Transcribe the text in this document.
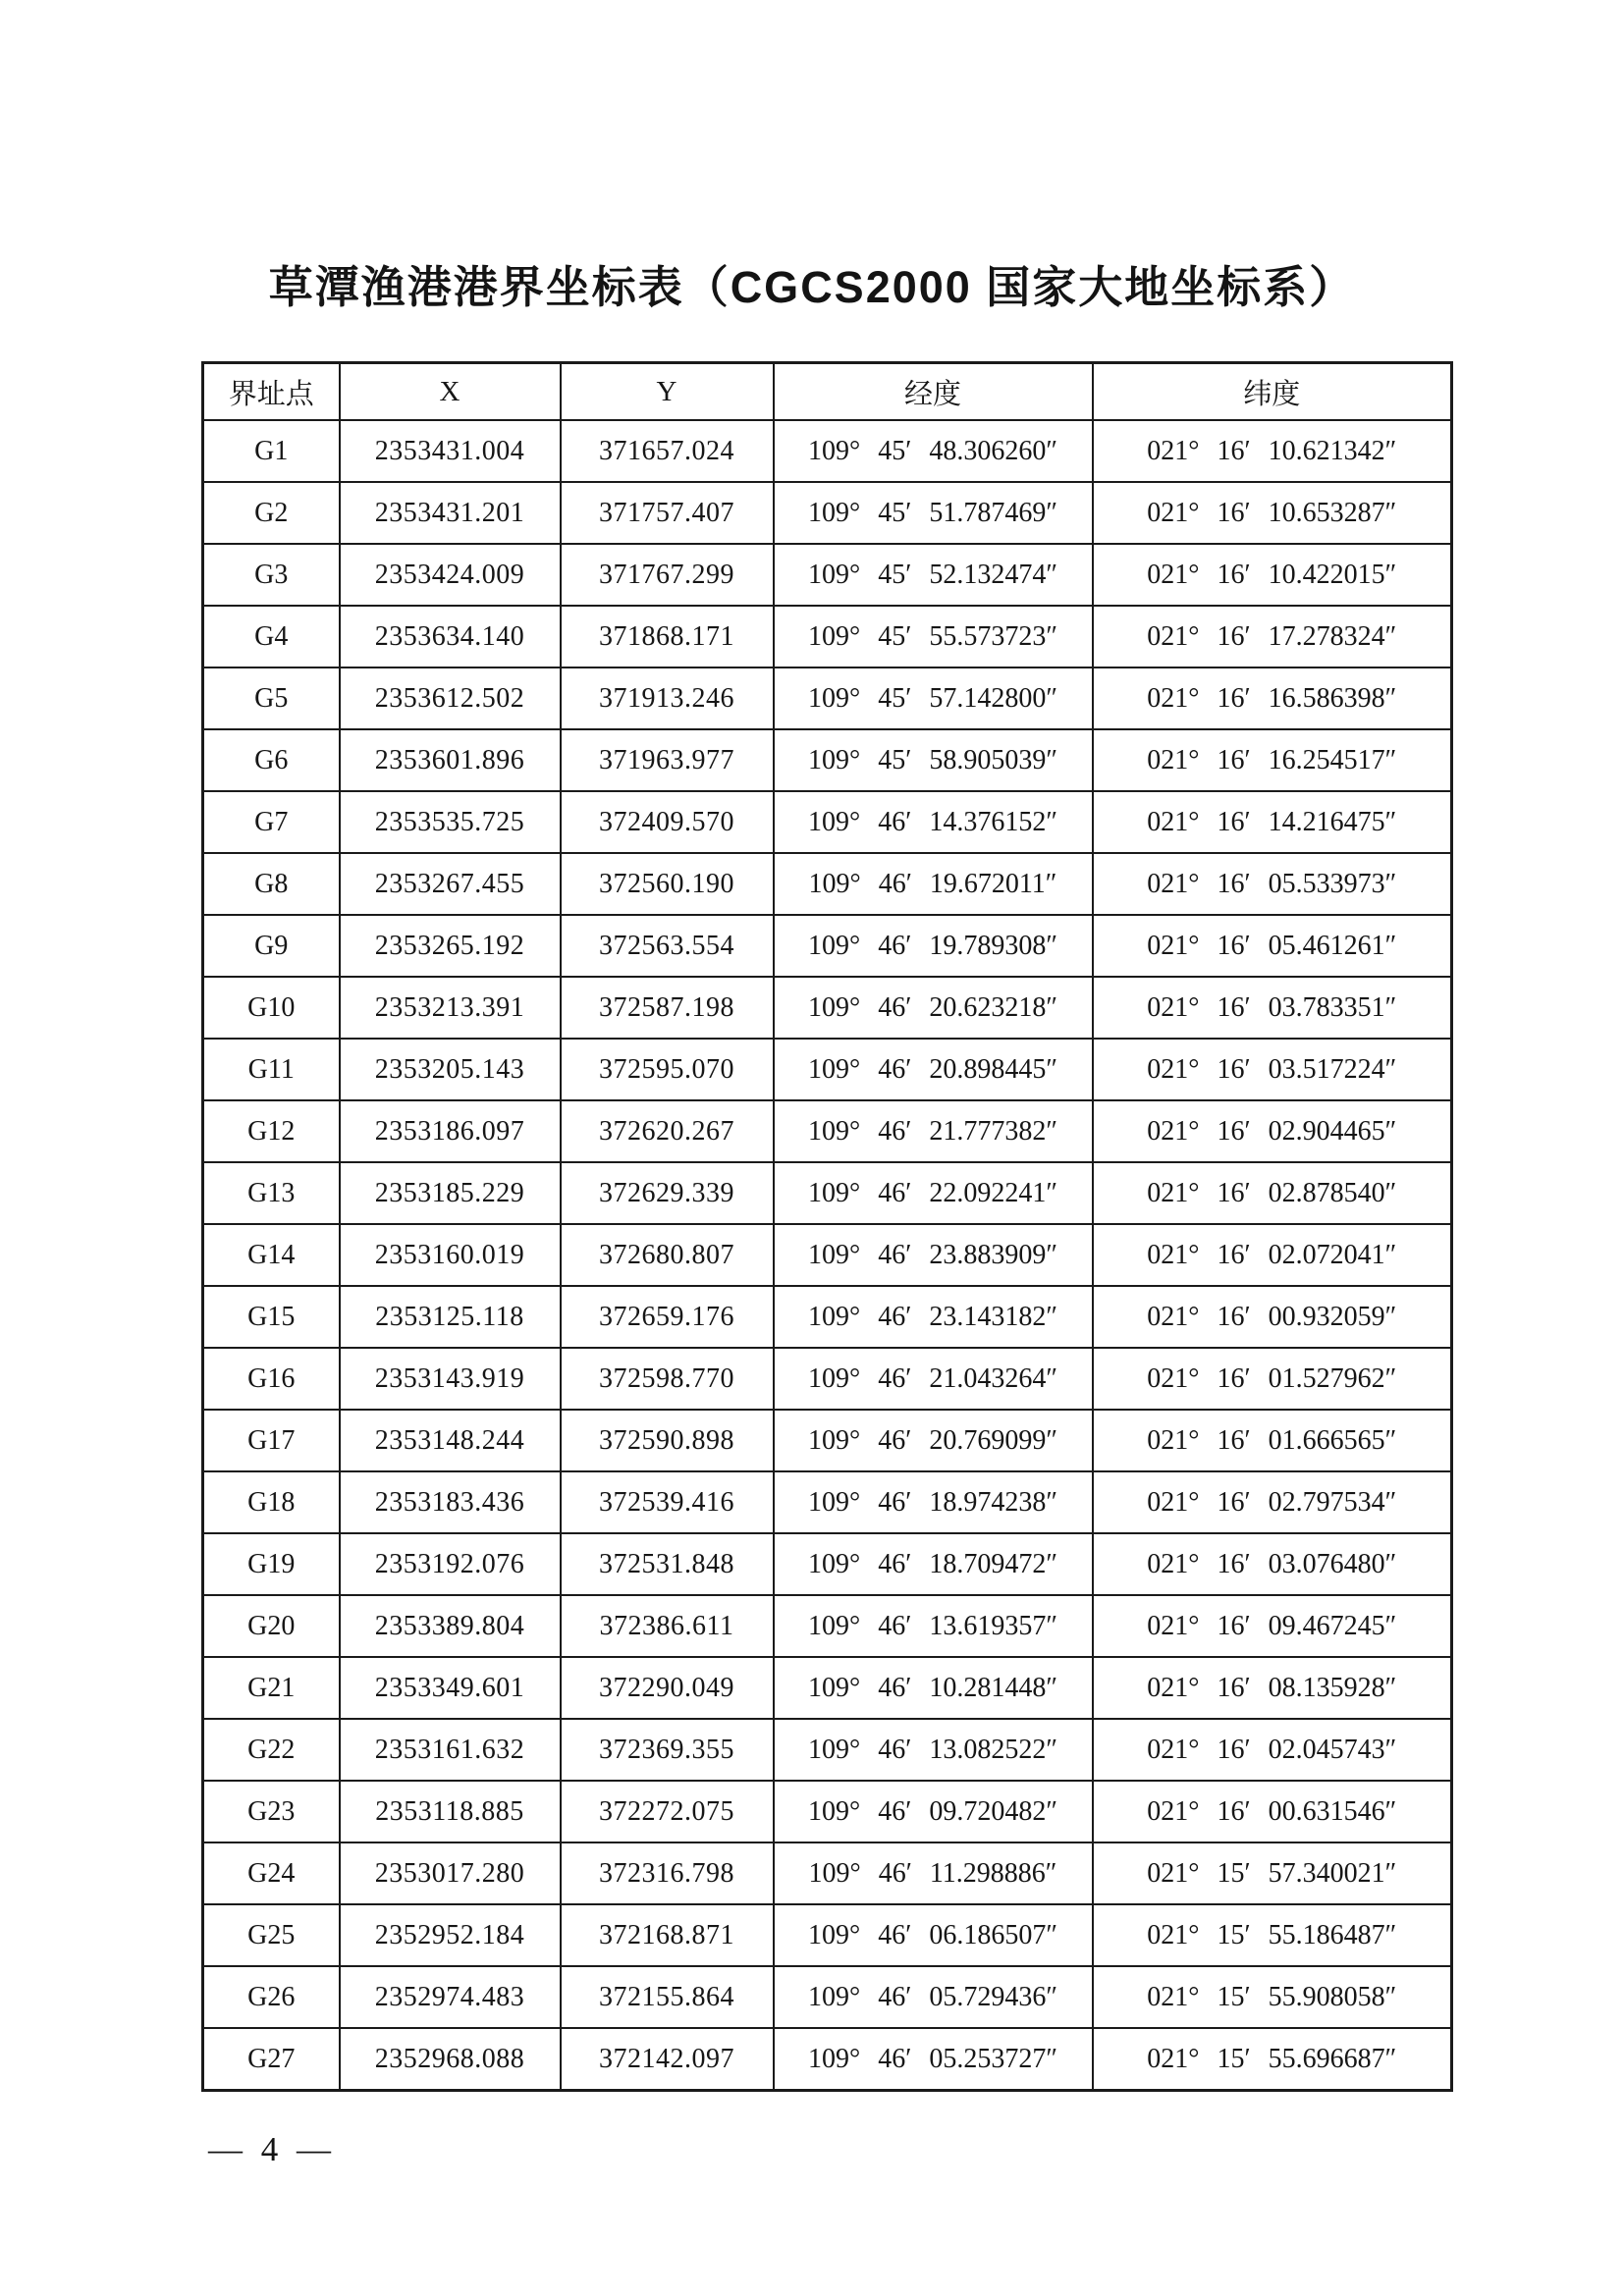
草潭渔港港界坐标表（CGCS2000 国家大地坐标系）
界址点	X	Y	经度	纬度
G1	2353431.004	371657.024	109° 45′ 48.306260″	021° 16′ 10.621342″
G2	2353431.201	371757.407	109° 45′ 51.787469″	021° 16′ 10.653287″
G3	2353424.009	371767.299	109° 45′ 52.132474″	021° 16′ 10.422015″
G4	2353634.140	371868.171	109° 45′ 55.573723″	021° 16′ 17.278324″
G5	2353612.502	371913.246	109° 45′ 57.142800″	021° 16′ 16.586398″
G6	2353601.896	371963.977	109° 45′ 58.905039″	021° 16′ 16.254517″
G7	2353535.725	372409.570	109° 46′ 14.376152″	021° 16′ 14.216475″
G8	2353267.455	372560.190	109° 46′ 19.672011″	021° 16′ 05.533973″
G9	2353265.192	372563.554	109° 46′ 19.789308″	021° 16′ 05.461261″
G10	2353213.391	372587.198	109° 46′ 20.623218″	021° 16′ 03.783351″
G11	2353205.143	372595.070	109° 46′ 20.898445″	021° 16′ 03.517224″
G12	2353186.097	372620.267	109° 46′ 21.777382″	021° 16′ 02.904465″
G13	2353185.229	372629.339	109° 46′ 22.092241″	021° 16′ 02.878540″
G14	2353160.019	372680.807	109° 46′ 23.883909″	021° 16′ 02.072041″
G15	2353125.118	372659.176	109° 46′ 23.143182″	021° 16′ 00.932059″
G16	2353143.919	372598.770	109° 46′ 21.043264″	021° 16′ 01.527962″
G17	2353148.244	372590.898	109° 46′ 20.769099″	021° 16′ 01.666565″
G18	2353183.436	372539.416	109° 46′ 18.974238″	021° 16′ 02.797534″
G19	2353192.076	372531.848	109° 46′ 18.709472″	021° 16′ 03.076480″
G20	2353389.804	372386.611	109° 46′ 13.619357″	021° 16′ 09.467245″
G21	2353349.601	372290.049	109° 46′ 10.281448″	021° 16′ 08.135928″
G22	2353161.632	372369.355	109° 46′ 13.082522″	021° 16′ 02.045743″
G23	2353118.885	372272.075	109° 46′ 09.720482″	021° 16′ 00.631546″
G24	2353017.280	372316.798	109° 46′ 11.298886″	021° 15′ 57.340021″
G25	2352952.184	372168.871	109° 46′ 06.186507″	021° 15′ 55.186487″
G26	2352974.483	372155.864	109° 46′ 05.729436″	021° 15′ 55.908058″
G27	2352968.088	372142.097	109° 46′ 05.253727″	021° 15′ 55.696687″
— 4 —
